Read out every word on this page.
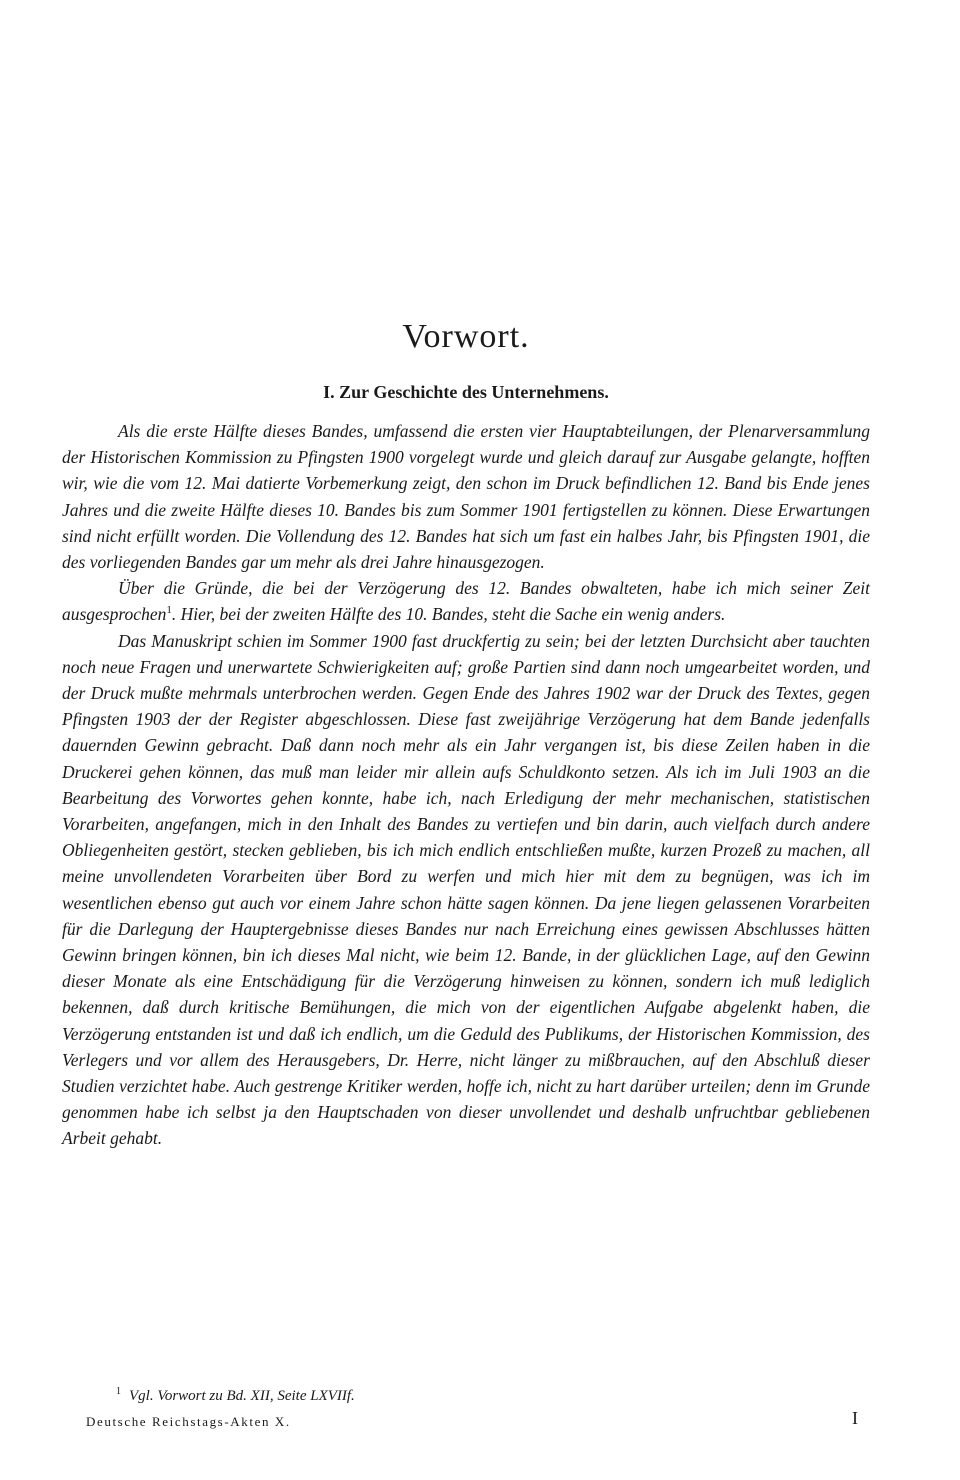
Vorwort.
I. Zur Geschichte des Unternehmens.

Als die erste Hälfte dieses Bandes, umfassend die ersten vier Hauptabteilungen, der Plenarversammlung der Historischen Kommission zu Pfingsten 1900 vorgelegt wurde und gleich darauf zur Ausgabe gelangte, hofften wir, wie die vom 12. Mai datierte Vorbemerkung zeigt, den schon im Druck befindlichen 12. Band bis Ende jenes Jahres und die zweite Hälfte dieses 10. Bandes bis zum Sommer 1901 fertigstellen zu können. Diese Erwartungen sind nicht erfüllt worden. Die Vollendung des 12. Bandes hat sich um fast ein halbes Jahr, bis Pfingsten 1901, die des vorliegenden Bandes gar um mehr als drei Jahre hinausgezogen.

Über die Gründe, die bei der Verzögerung des 12. Bandes obwalteten, habe ich mich seiner Zeit ausgesprochen$^1$. Hier, bei der zweiten Hälfte des 10. Bandes, steht die Sache ein wenig anders.

Das Manuskript schien im Sommer 1900 fast druckfertig zu sein; bei der letzten Durchsicht aber tauchten noch neue Fragen und unerwartete Schwierigkeiten auf; große Partien sind dann noch umgearbeitet worden, und der Druck mußte mehrmals unterbrochen werden. Gegen Ende des Jahres 1902 war der Druck des Textes, gegen Pfingsten 1903 der der Register abgeschlossen. Diese fast zweijährige Verzögerung hat dem Bande jedenfalls dauernden Gewinn gebracht. Daß dann noch mehr als ein Jahr vergangen ist, bis diese Zeilen haben in die Druckerei gehen können, das muß man leider mir allein aufs Schuldkonto setzen. Als ich im Juli 1903 an die Bearbeitung des Vorwortes gehen konnte, habe ich, nach Erledigung der mehr mechanischen, statistischen Vorarbeiten, angefangen, mich in den Inhalt des Bandes zu vertiefen und bin darin, auch vielfach durch andere Obliegenheiten gestört, stecken geblieben, bis ich mich endlich entschließen mußte, kurzen Prozeß zu machen, all meine unvollendeten Vorarbeiten über Bord zu werfen und mich hier mit dem zu begnügen, was ich im wesentlichen ebenso gut auch vor einem Jahre schon hätte sagen können. Da jene liegen gelassenen Vorarbeiten für die Darlegung der Hauptergebnisse dieses Bandes nur nach Erreichung eines gewissen Abschlusses hätten Gewinn bringen können, bin ich dieses Mal nicht, wie beim 12. Bande, in der glücklichen Lage, auf den Gewinn dieser Monate als eine Entschädigung für die Verzögerung hinweisen zu können, sondern ich muß lediglich bekennen, daß durch kritische Bemühungen, die mich von der eigentlichen Aufgabe abgelenkt haben, die Verzögerung entstanden ist und daß ich endlich, um die Geduld des Publikums, der Historischen Kommission, des Verlegers und vor allem des Herausgebers, Dr. Herre, nicht länger zu mißbrauchen, auf den Abschluß dieser Studien verzichtet habe. Auch gestrenge Kritiker werden, hoffe ich, nicht zu hart darüber urteilen; denn im Grunde genommen habe ich selbst ja den Hauptschaden von dieser unvollendet und deshalb unfruchtbar gebliebenen Arbeit gehabt.

$^1$ Vgl. Vorwort zu Bd. XII, Seite LXVIIf.

Deutsche Reichstags-Akten X.	I
